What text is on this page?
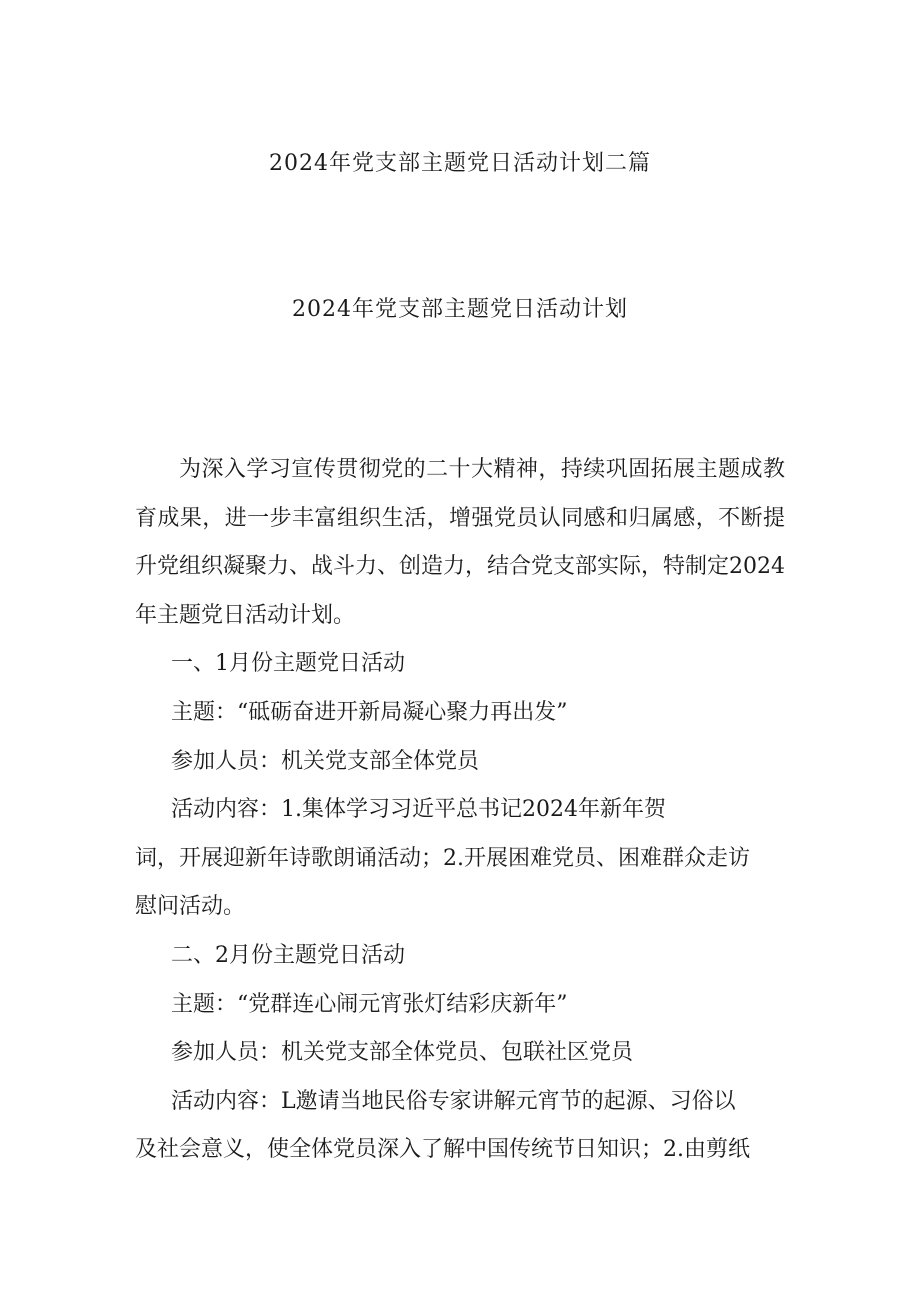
2024年党支部主题党日活动计划二篇
2024年党支部主题党日活动计划

为深入学习宣传贯彻党的二十大精神，持续巩固拓展主题成教育成果，进一步丰富组织生活，增强党员认同感和归属感，不断提升党组织凝聚力、战斗力、创造力，结合党支部实际，特制定2024年主题党日活动计划。

一、1月份主题党日活动
主题：“砥砺奋进开新局凝心聚力再出发”
参加人员：机关党支部全体党员
活动内容：1.集体学习习近平总书记2024年新年贺
词，开展迎新年诗歌朗诵活动；2.开展困难党员、困难群众走访
慰问活动。
二、2月份主题党日活动
主题：“党群连心闹元宵张灯结彩庆新年”
参加人员：机关党支部全体党员、包联社区党员
活动内容：L邀请当地民俗专家讲解元宵节的起源、习俗以
及社会意义，使全体党员深入了解中国传统节日知识；2.由剪纸
